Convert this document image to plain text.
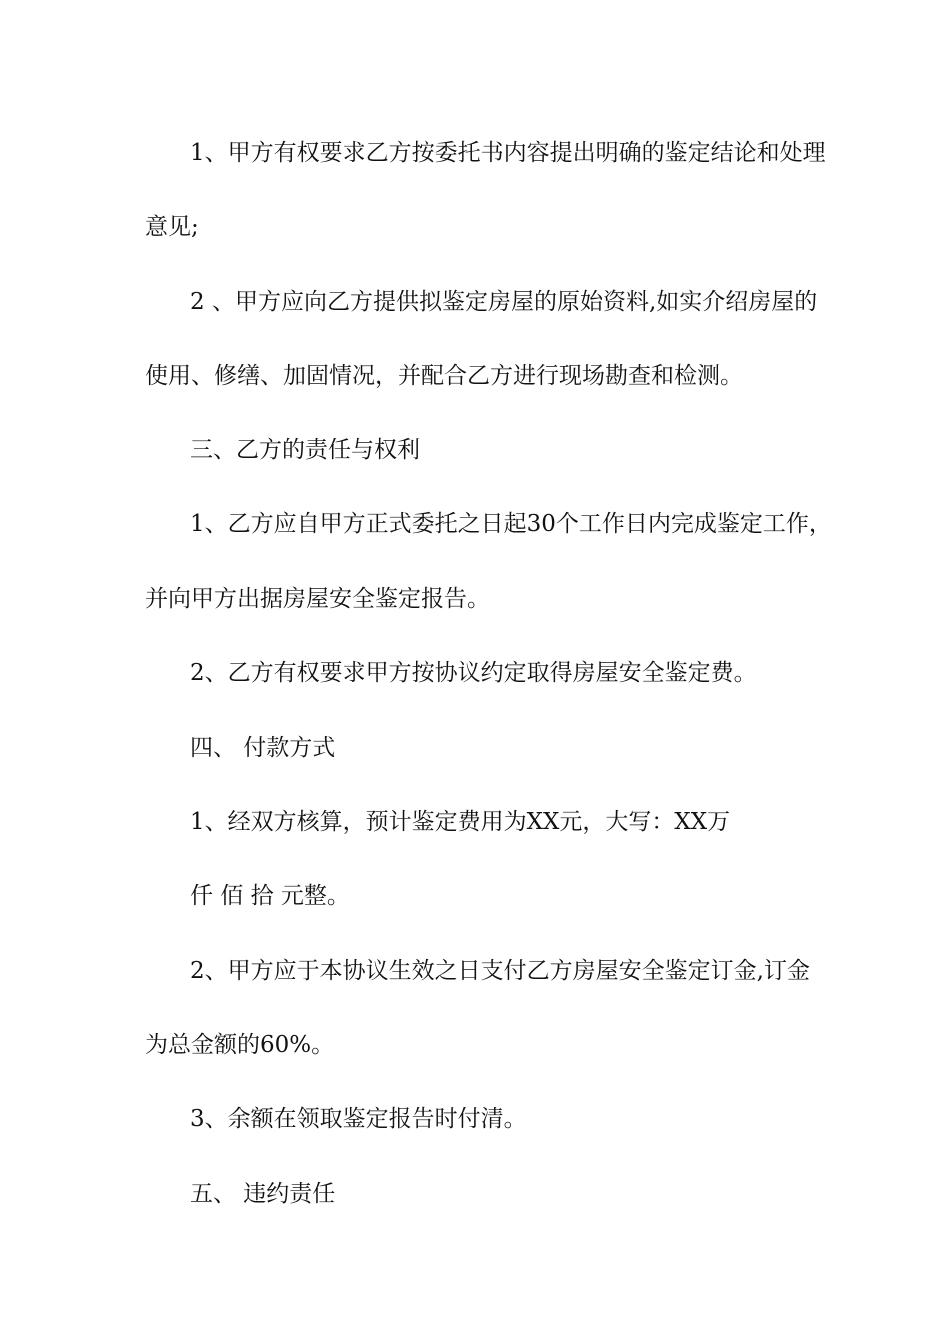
1、甲方有权要求乙方按委托书内容提出明确的鉴定结论和处理
意见;
2 、甲方应向乙方提供拟鉴定房屋的原始资料,如实介绍房屋的
使用、修缮、加固情况，并配合乙方进行现场勘查和检测。
三、乙方的责任与权利
1、乙方应自甲方正式委托之日起30个工作日内完成鉴定工作，
并向甲方出据房屋安全鉴定报告。
2、乙方有权要求甲方按协议约定取得房屋安全鉴定费。
四、 付款方式
1、经双方核算，预计鉴定费用为XX元，大写：XX万
仟 佰 拾 元整。
2、甲方应于本协议生效之日支付乙方房屋安全鉴定订金,订金
为总金额的60%。
3、余额在领取鉴定报告时付清。
五、 违约责任
